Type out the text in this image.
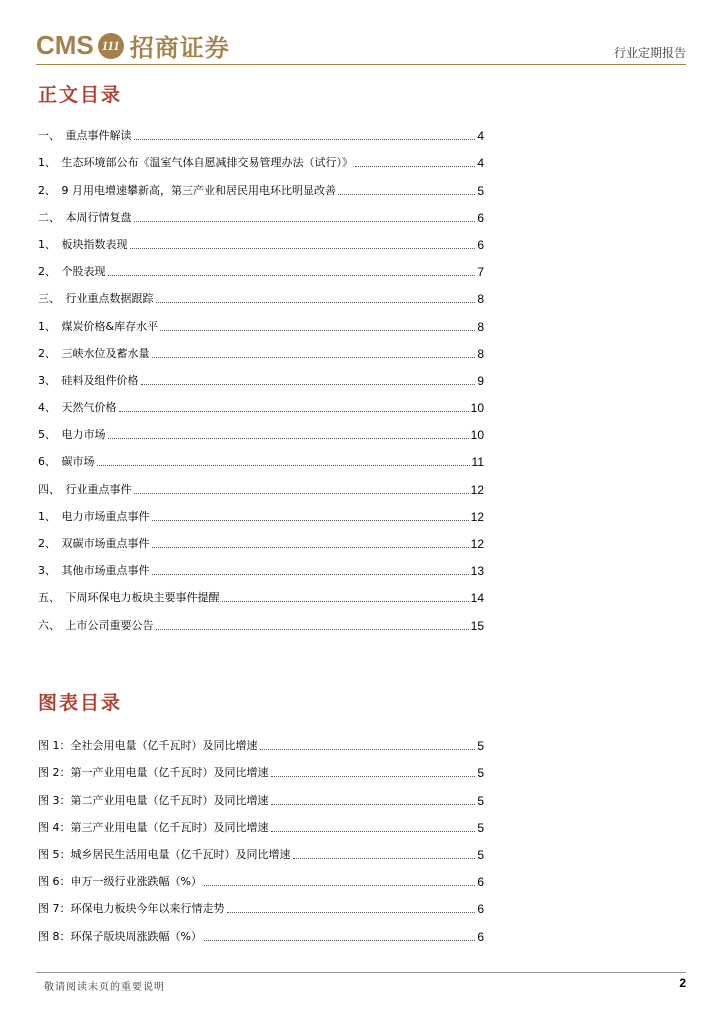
CMS 111 招商证券	行业定期报告
正文目录
一、　重点事件解读	4
1、　生态环境部公布《温室气体自愿减排交易管理办法（试行）》	4
2、　9 月用电增速攀新高，第三产业和居民用电环比明显改善	5
二、　本周行情复盘	6
1、　板块指数表现	6
2、　个股表现	7
三、　行业重点数据跟踪	8
1、　煤炭价格&库存水平	8
2、　三峡水位及蓄水量	8
3、　硅料及组件价格	9
4、　天然气价格	10
5、　电力市场	10
6、　碳市场	11
四、　行业重点事件	12
1、　电力市场重点事件	12
2、　双碳市场重点事件	12
3、　其他市场重点事件	13
五、　下周环保电力板块主要事件提醒	14
六、　上市公司重要公告	15
图表目录
图 1：全社会用电量（亿千瓦时）及同比增速	5
图 2：第一产业用电量（亿千瓦时）及同比增速	5
图 3：第二产业用电量（亿千瓦时）及同比增速	5
图 4：第三产业用电量（亿千瓦时）及同比增速	5
图 5：城乡居民生活用电量（亿千瓦时）及同比增速	5
图 6：申万一级行业涨跌幅（%）	6
图 7：环保电力板块今年以来行情走势	6
图 8：环保子版块周涨跌幅（%）	6
敬请阅读末页的重要说明	2
